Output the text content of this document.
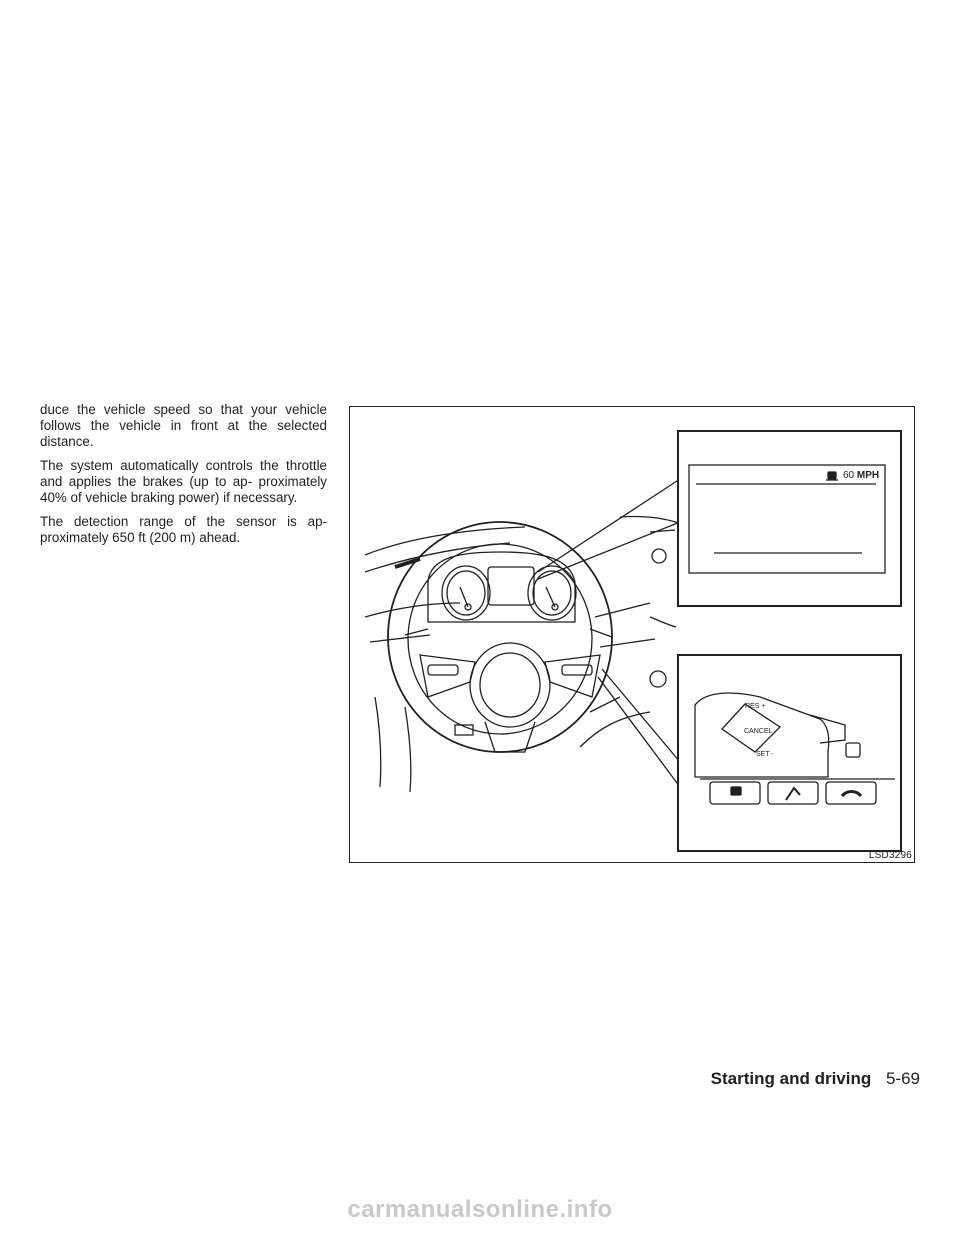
duce the vehicle speed so that your vehicle follows the vehicle in front at the selected distance.

The system automatically controls the throttle and applies the brakes (up to ap- proximately 40% of vehicle braking power) if necessary.

The detection range of the sensor is ap- proximately 650 ft (200 m) ahead.

60 MPH
RES +
CANCEL
SET -
LSD3296
Starting and driving 5-69
carmanualsonline.info
